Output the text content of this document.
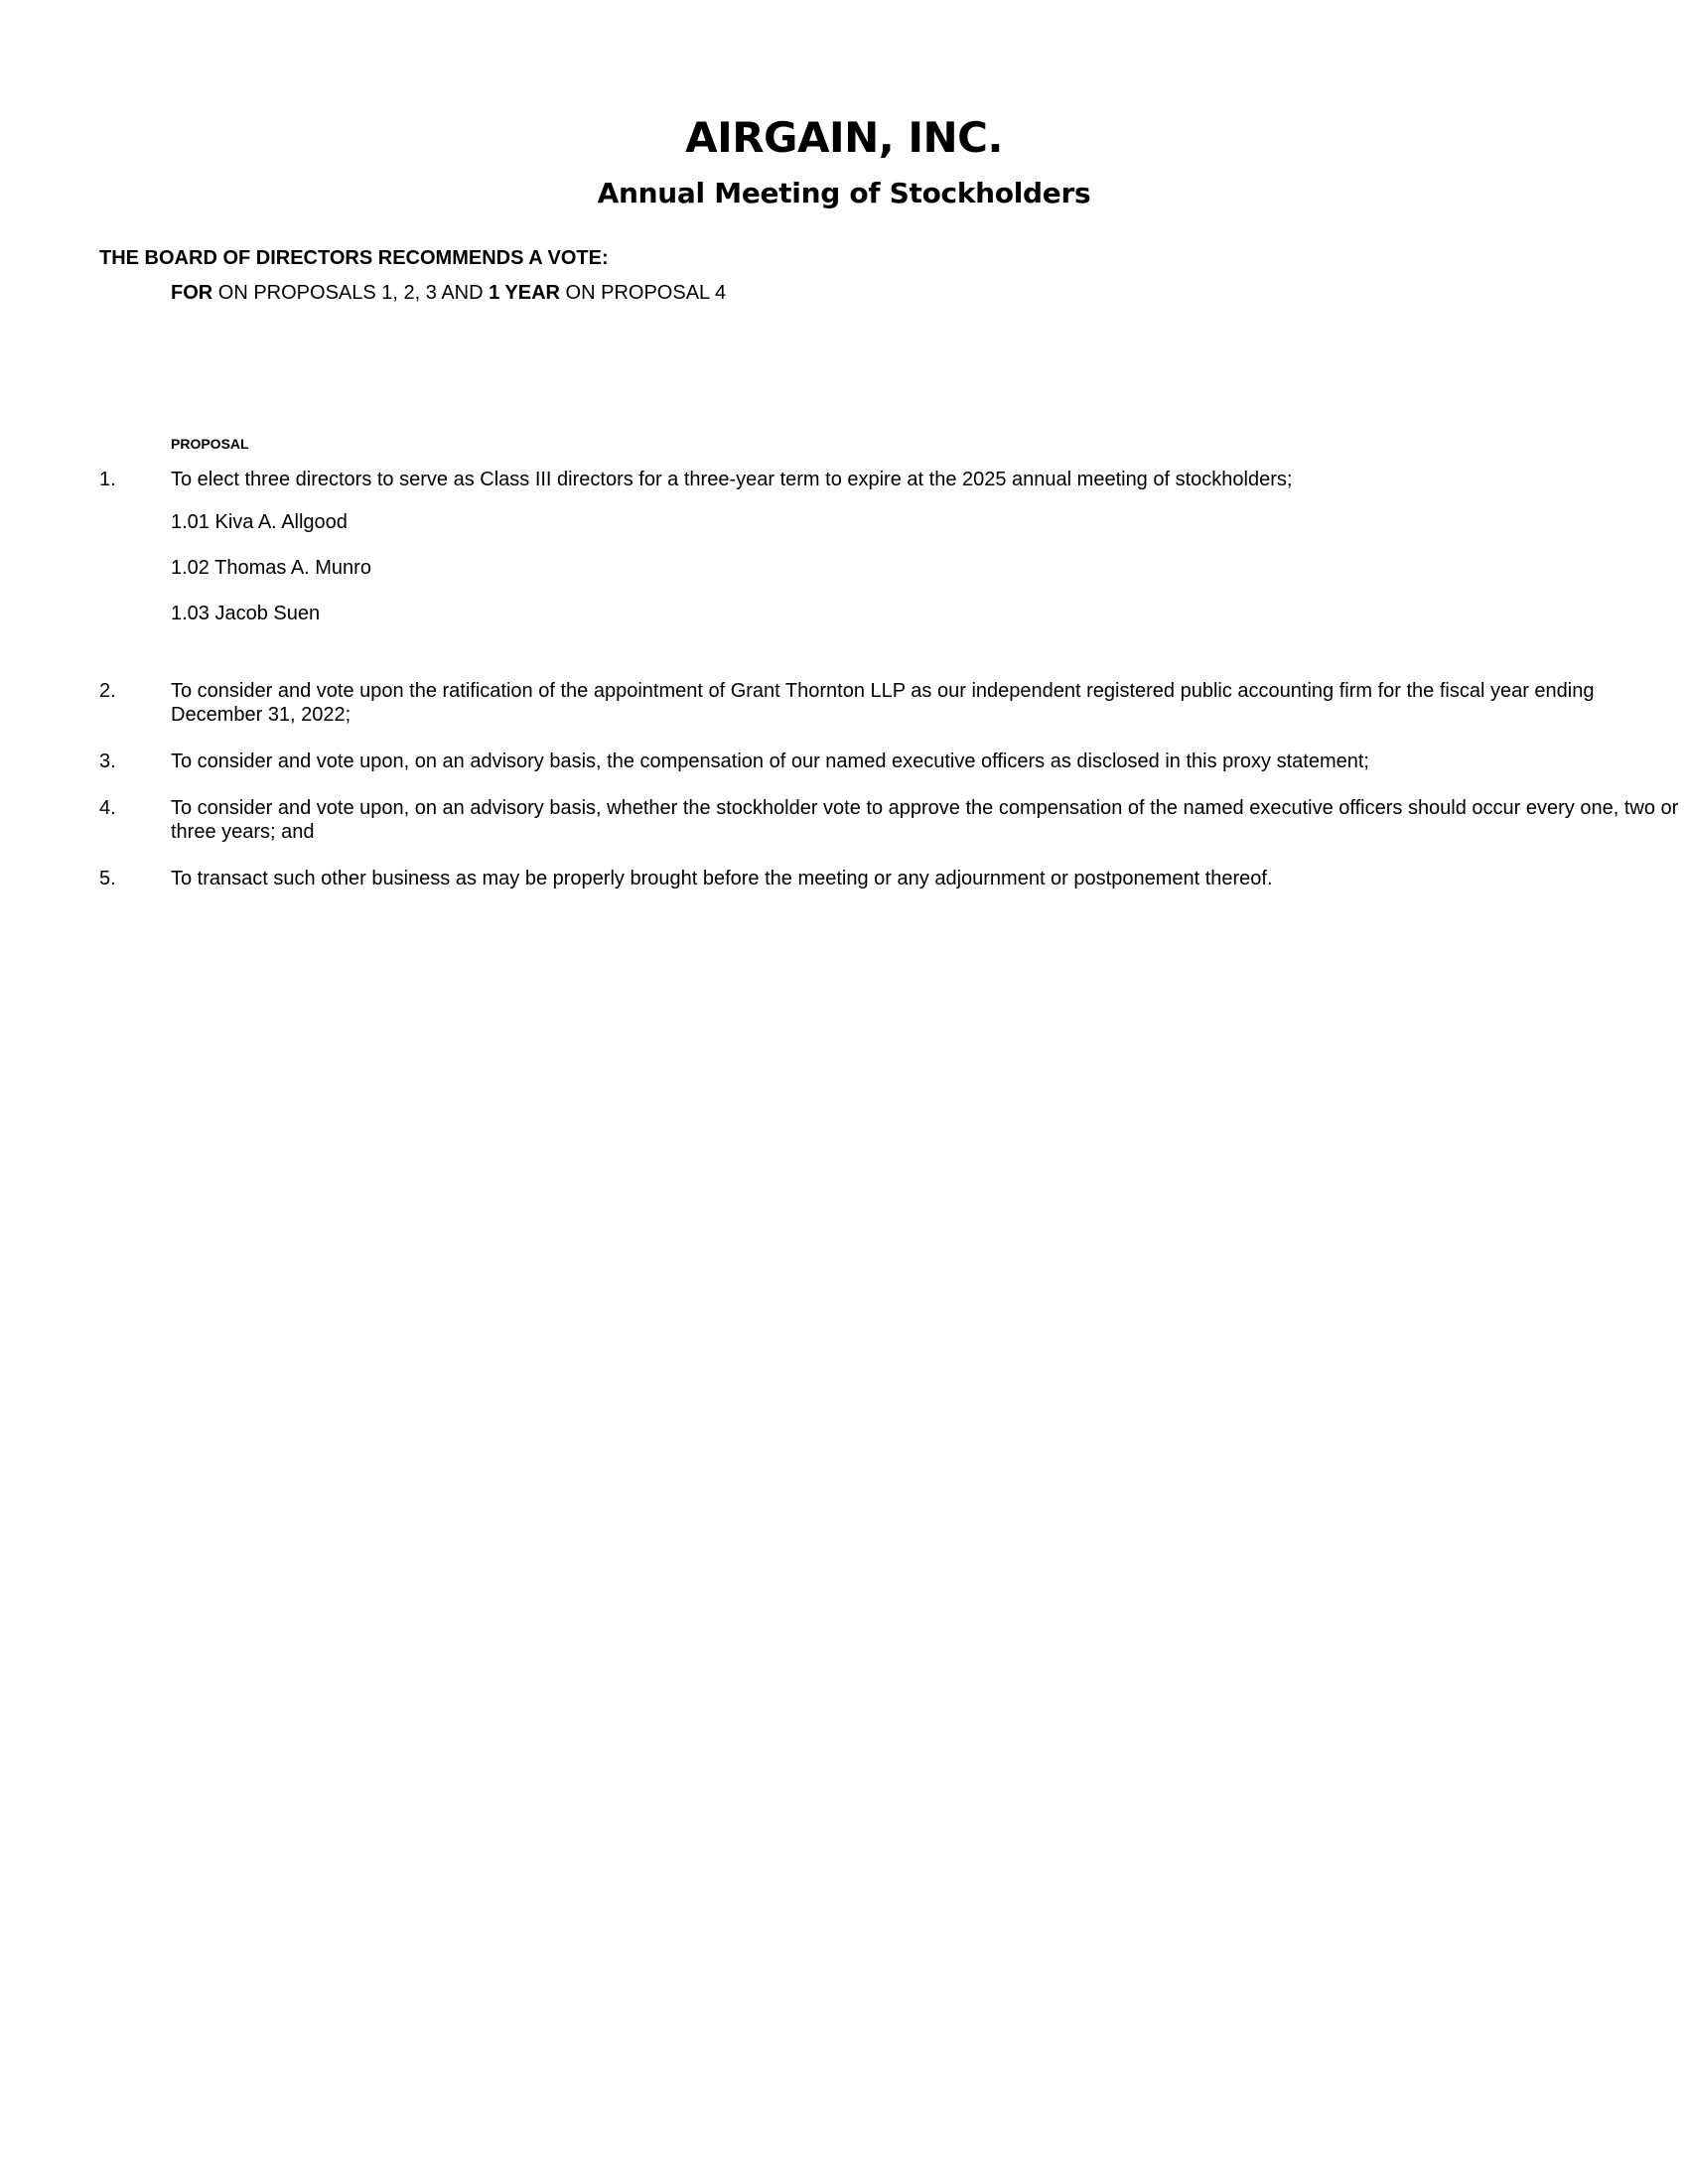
AIRGAIN, INC.
Annual Meeting of Stockholders
THE BOARD OF DIRECTORS RECOMMENDS A VOTE:
FOR ON PROPOSALS 1, 2, 3 AND 1 YEAR ON PROPOSAL 4
PROPOSAL
1.	To elect three directors to serve as Class III directors for a three-year term to expire at the 2025 annual meeting of stockholders;
1.01 Kiva A. Allgood
1.02 Thomas A. Munro
1.03 Jacob Suen
2.	To consider and vote upon the ratification of the appointment of Grant Thornton LLP as our independent registered public accounting firm for the fiscal year ending December 31, 2022;
3.	To consider and vote upon, on an advisory basis, the compensation of our named executive officers as disclosed in this proxy statement;
4.	To consider and vote upon, on an advisory basis, whether the stockholder vote to approve the compensation of the named executive officers should occur every one, two or three years; and
5.	To transact such other business as may be properly brought before the meeting or any adjournment or postponement thereof.
